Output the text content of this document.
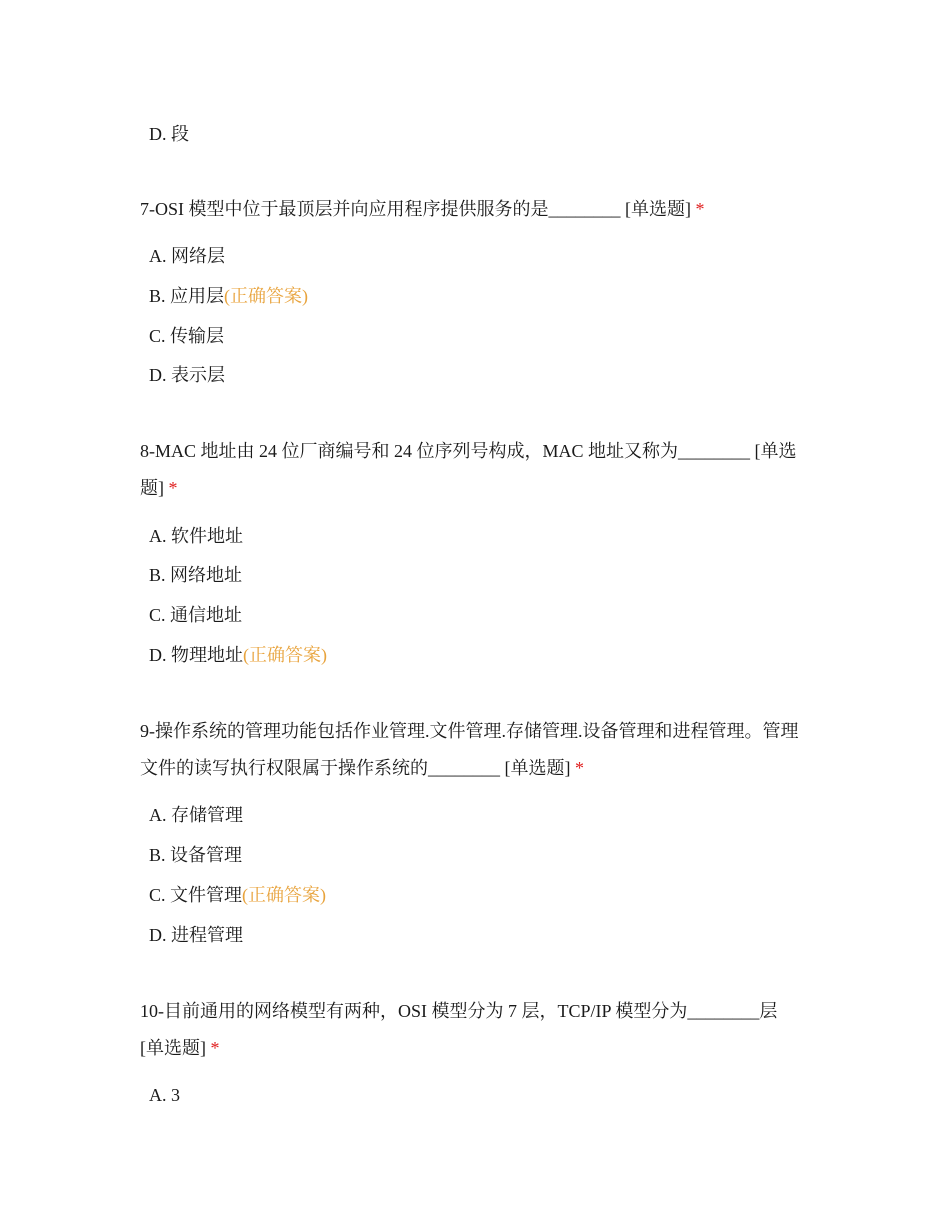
D. 段
7-OSI 模型中位于最顶层并向应用程序提供服务的是________ [单选题] *
A. 网络层
B. 应用层(正确答案)
C. 传输层
D. 表示层
8-MAC 地址由 24 位厂商编号和 24 位序列号构成，MAC 地址又称为________ [单选题] *
A. 软件地址
B. 网络地址
C. 通信地址
D. 物理地址(正确答案)
9-操作系统的管理功能包括作业管理.文件管理.存储管理.设备管理和进程管理。管理文件的读写执行权限属于操作系统的________ [单选题] *
A. 存储管理
B. 设备管理
C. 文件管理(正确答案)
D. 进程管理
10-目前通用的网络模型有两种，OSI 模型分为 7 层，TCP/IP 模型分为________层 [单选题] *
A. 3
